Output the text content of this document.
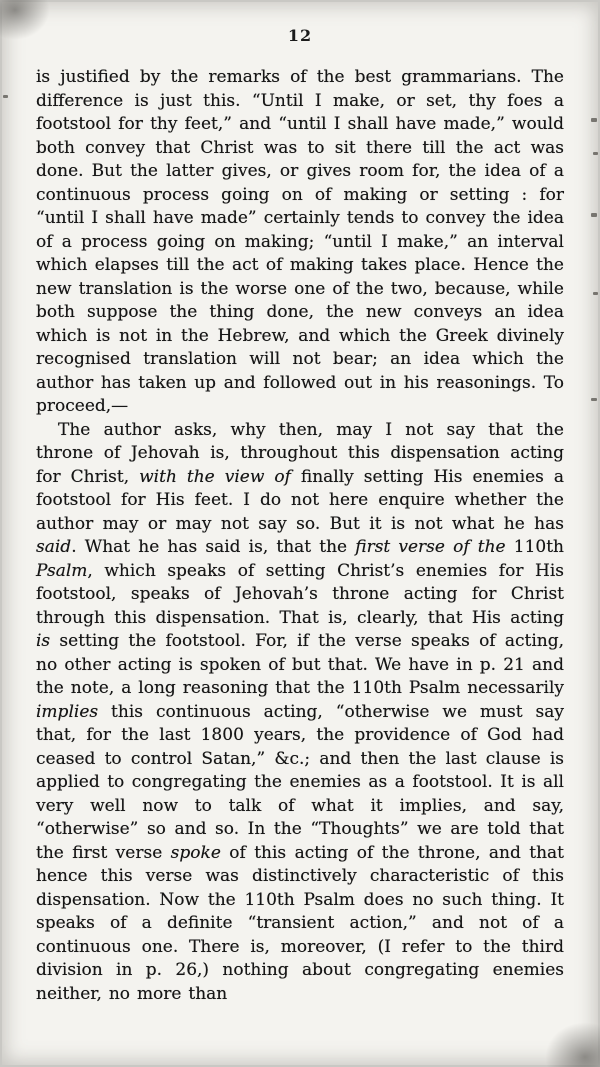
12

is justified by the remarks of the best grammarians. The difference is just this. “Until I make, or set, thy foes a footstool for thy feet,” and “until I shall have made,” would both convey that Christ was to sit there till the act was done. But the latter gives, or gives room for, the idea of a continuous process going on of making or setting : for “until I shall have made” certainly tends to convey the idea of a process going on making; “until I make,” an interval which elapses till the act of making takes place. Hence the new translation is the worse one of the two, because, while both suppose the thing done, the new conveys an idea which is not in the Hebrew, and which the Greek divinely recognised translation will not bear; an idea which the author has taken up and followed out in his reasonings. To proceed,—

The author asks, why then, may I not say that the throne of Jehovah is, throughout this dispensation acting for Christ, with the view of finally setting His enemies a footstool for His feet. I do not here enquire whether the author may or may not say so. But it is not what he has said. What he has said is, that the first verse of the 110th Psalm, which speaks of setting Christ’s enemies for His footstool, speaks of Jehovah’s throne acting for Christ through this dispensation. That is, clearly, that His acting is setting the footstool. For, if the verse speaks of acting, no other acting is spoken of but that. We have in p. 21 and the note, a long reasoning that the 110th Psalm necessarily implies this continuous acting, “otherwise we must say that, for the last 1800 years, the providence of God had ceased to control Satan,” &c.; and then the last clause is applied to congregating the enemies as a footstool. It is all very well now to talk of what it implies, and say, “otherwise” so and so. In the “Thoughts” we are told that the first verse spoke of this acting of the throne, and that hence this verse was distinctively characteristic of this dispensation. Now the 110th Psalm does no such thing. It speaks of a definite “transient action,” and not of a continuous one. There is, moreover, (I refer to the third division in p. 26,) nothing about congregating enemies neither, no more than
